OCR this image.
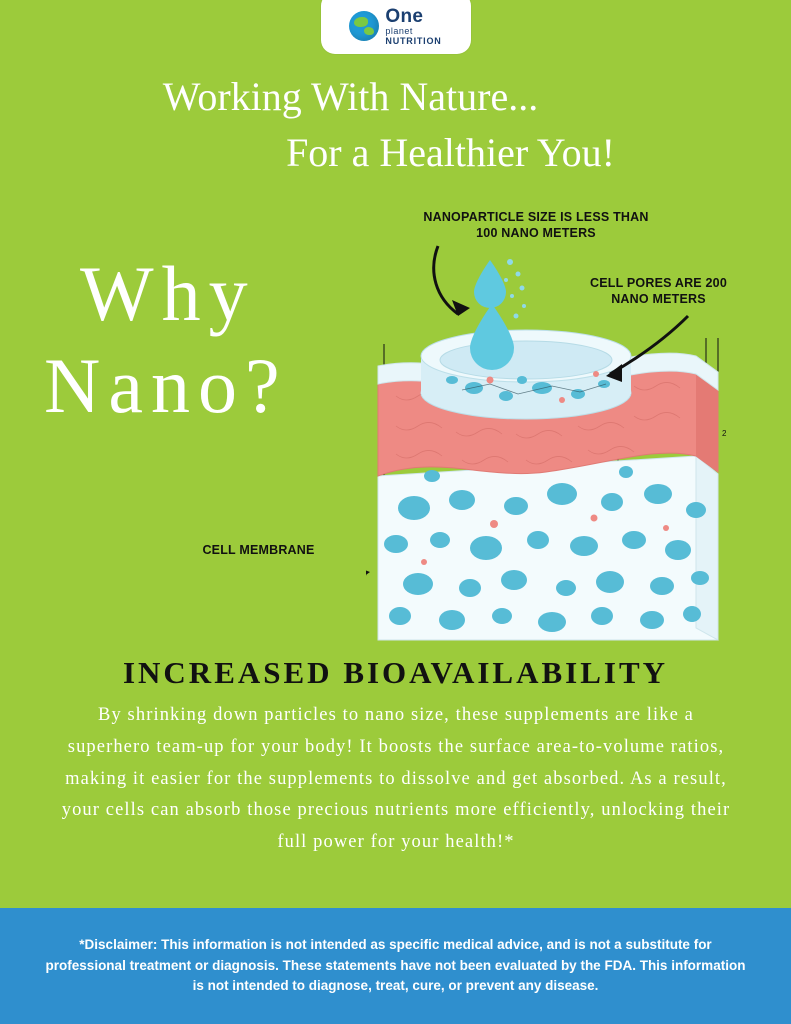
One
planet
NUTRITION
Working With Nature...
For a Healthier You!
Why
Nano?
2
NANOPARTICLE SIZE IS LESS THAN 100 NANO METERS
CELL PORES ARE 200 NANO METERS
CELL MEMBRANE
INCREASED BIOAVAILABILITY
By shrinking down particles to nano size, these supplements are like a superhero team-up for your body! It boosts the surface area-to-volume ratios, making it easier for the supplements to dissolve and get absorbed. As a result, your cells can absorb those precious nutrients more efficiently, unlocking their full power for your health!*

*Disclaimer: This information is not intended as specific medical advice, and is not a substitute for professional treatment or diagnosis. These statements have not been evaluated by the FDA. This information is not intended to diagnose, treat, cure, or prevent any disease.
